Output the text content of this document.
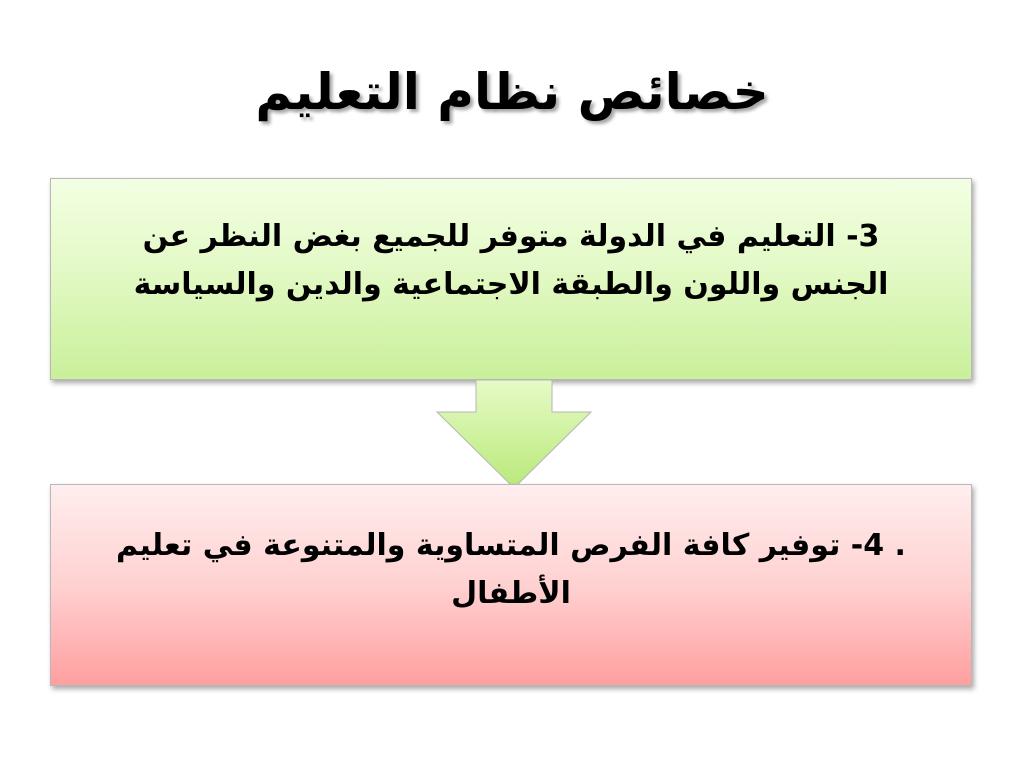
خصائص نظام التعليم
3- التعليم في الدولة متوفر للجميع بغض النظر عن الجنس واللون والطبقة الاجتماعية والدين والسياسة
. 4- توفير كافة الفرص المتساوية والمتنوعة في تعليم الأطفال
